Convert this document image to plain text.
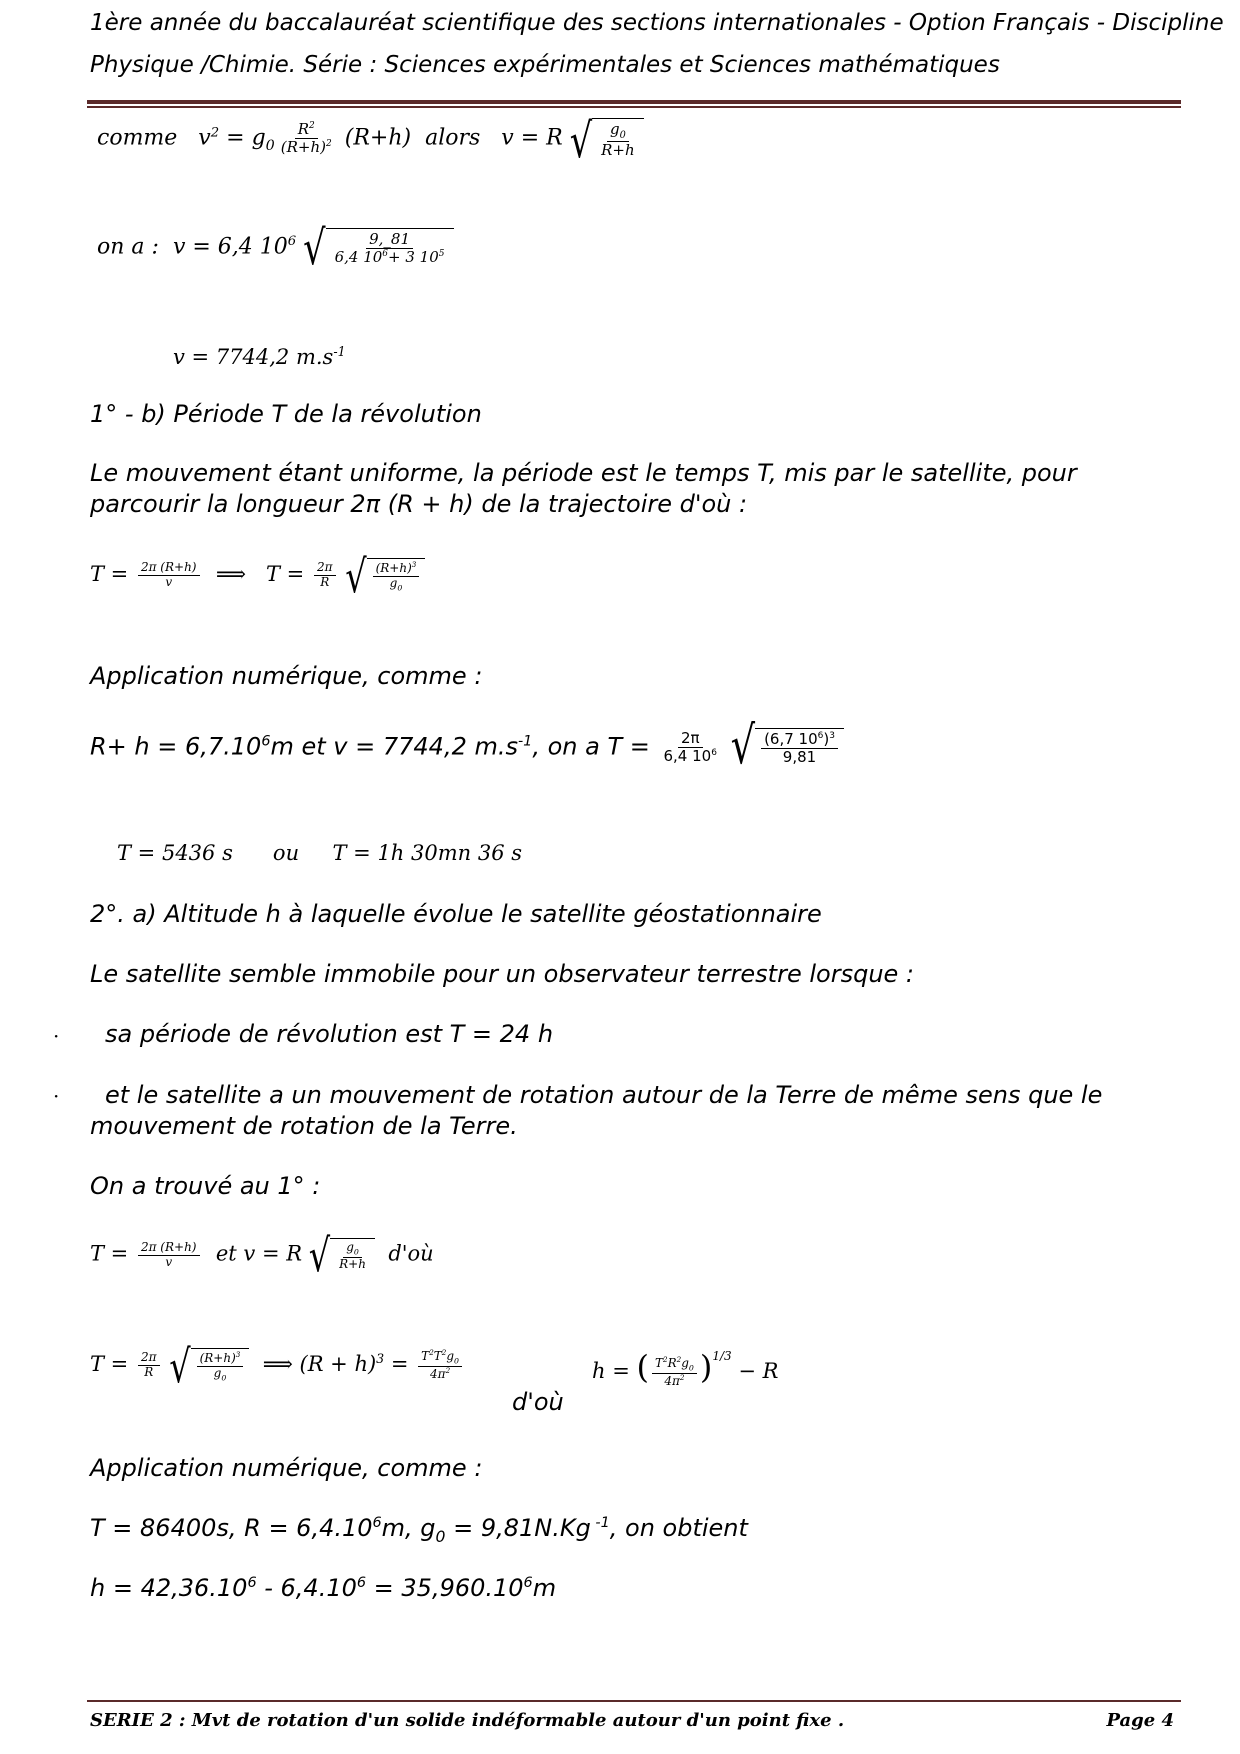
1ère année du baccalauréat scientifique des sections internationales - Option Français - Discipline
Physique /Chimie. Série : Sciences expérimentales et Sciences mathématiques
comme $v^2 = g_0 \frac{R^2}{(R+h)^2} (R+h)$ alors v = R √ $\frac{g_0}{R+h}$
on a : v = 6,4 $10^6$ √ $\frac{9,\_81}{6,4 10^6+ 3 10^5}$
v = 7744,2 $m.s^{-1}$
1° - b) Période T de la révolution
Le mouvement étant uniforme, la période est le temps T, mis par le satellite, pour parcourir la longueur 2π (R + h) de la trajectoire d'où :
$T = \frac{2\pi (R+h)}{v}$ ⟹ $T = \frac{2\pi}{R}$
√ $\frac{(R+h)^3}{g_0}$
Application numérique, comme :
$R+ h = 6,7.10^6m$ et v = 7744,2 $m.s^{-1}$, on a $T = \frac{2\pi}{6,4 10^6}$
√ $\frac{(6,7 10^6)^3}{9,81}$
T = 5436 s ou T = 1h 30mn 36 s
2°. a) Altitude h à laquelle évolue le satellite géostationnaire
Le satellite semble immobile pour un observateur terrestre lorsque :
· sa période de révolution est T = 24 h
·	et le satellite a un mouvement de rotation autour de la Terre de même sens que le mouvement de rotation de la Terre.
On a trouvé au 1° :
$T = \frac{2\pi (R+h)}{v}$ et v = R √ $\frac{g_0}{R+h}$ d'où
$T = \frac{2\pi}{R}$
√ $\frac{(R+h)^3}{g_0}$ ⟹ $(R + h)^3 = \frac{T^2T^2g_0}{4\pi^2}$
d'où
h = ( $\frac{T^2R^2g_0}{4\pi^2} )^{1/3} - R$
Application numérique, comme :
T = 86400s, $R = 6,4.10^6m$, $g_0 = 9,81N.Kg$ $^{-1}$, on obtient
$h = 42,36.10^6 - 6,4.10^6 = 35,960.10^6m$
SERIE 2 : Mvt de rotation d'un solide indéformable autour d'un point fixe .	Page 4
